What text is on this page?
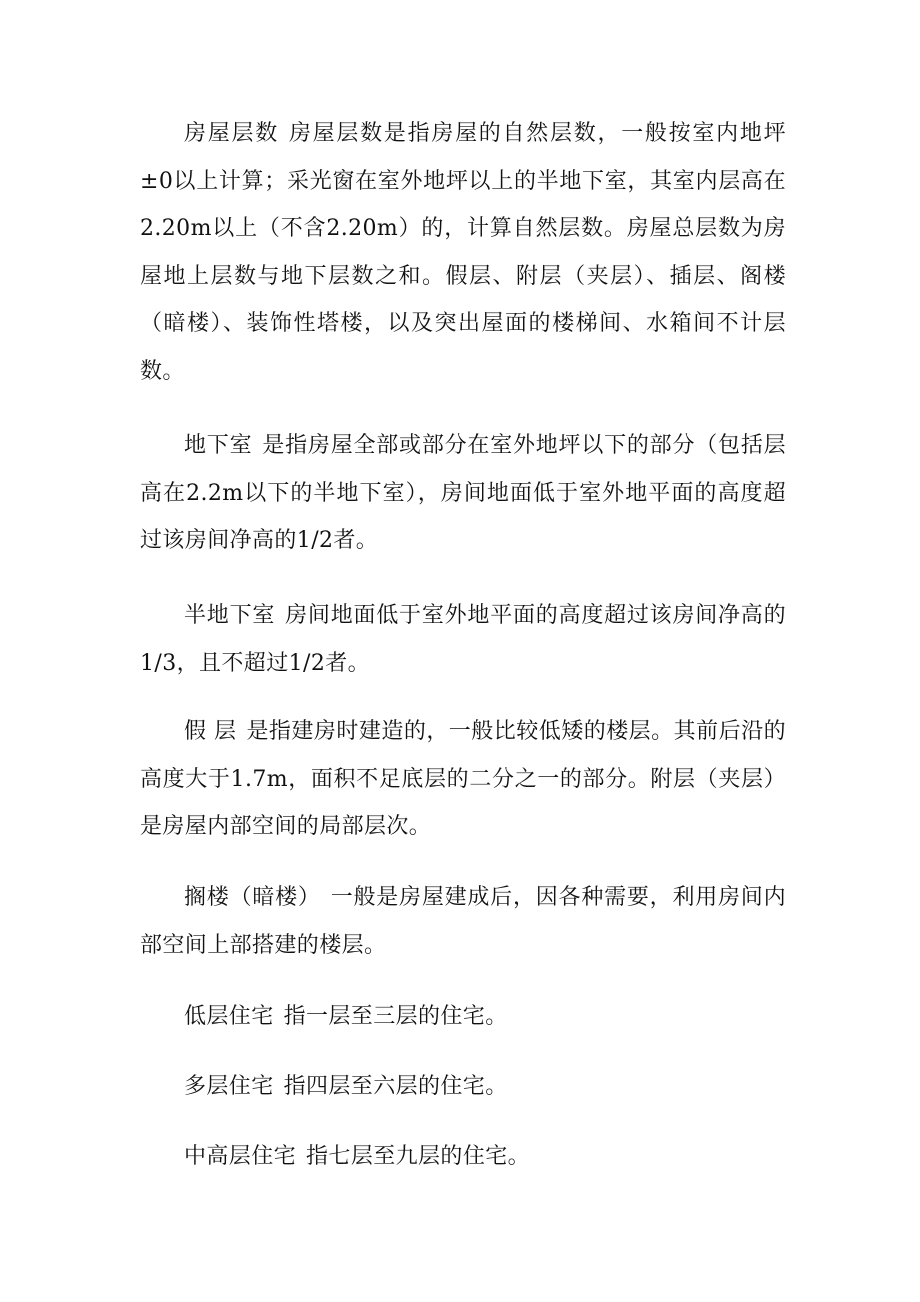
房屋层数 房屋层数是指房屋的自然层数，一般按室内地坪±0以上计算；采光窗在室外地坪以上的半地下室，其室内层高在2.20m以上（不含2.20m）的，计算自然层数。房屋总层数为房屋地上层数与地下层数之和。假层、附层（夹层）、插层、阁楼（暗楼）、装饰性塔楼，以及突出屋面的楼梯间、水箱间不计层数。

地下室 是指房屋全部或部分在室外地坪以下的部分（包括层高在2.2m以下的半地下室），房间地面低于室外地平面的高度超过该房间净高的1/2者。

半地下室 房间地面低于室外地平面的高度超过该房间净高的1/3，且不超过1/2者。

假 层 是指建房时建造的，一般比较低矮的楼层。其前后沿的高度大于1.7m，面积不足底层的二分之一的部分。附层（夹层）是房屋内部空间的局部层次。

搁楼（暗楼） 一般是房屋建成后，因各种需要，利用房间内部空间上部搭建的楼层。

低层住宅 指一层至三层的住宅。

多层住宅 指四层至六层的住宅。

中高层住宅 指七层至九层的住宅。
